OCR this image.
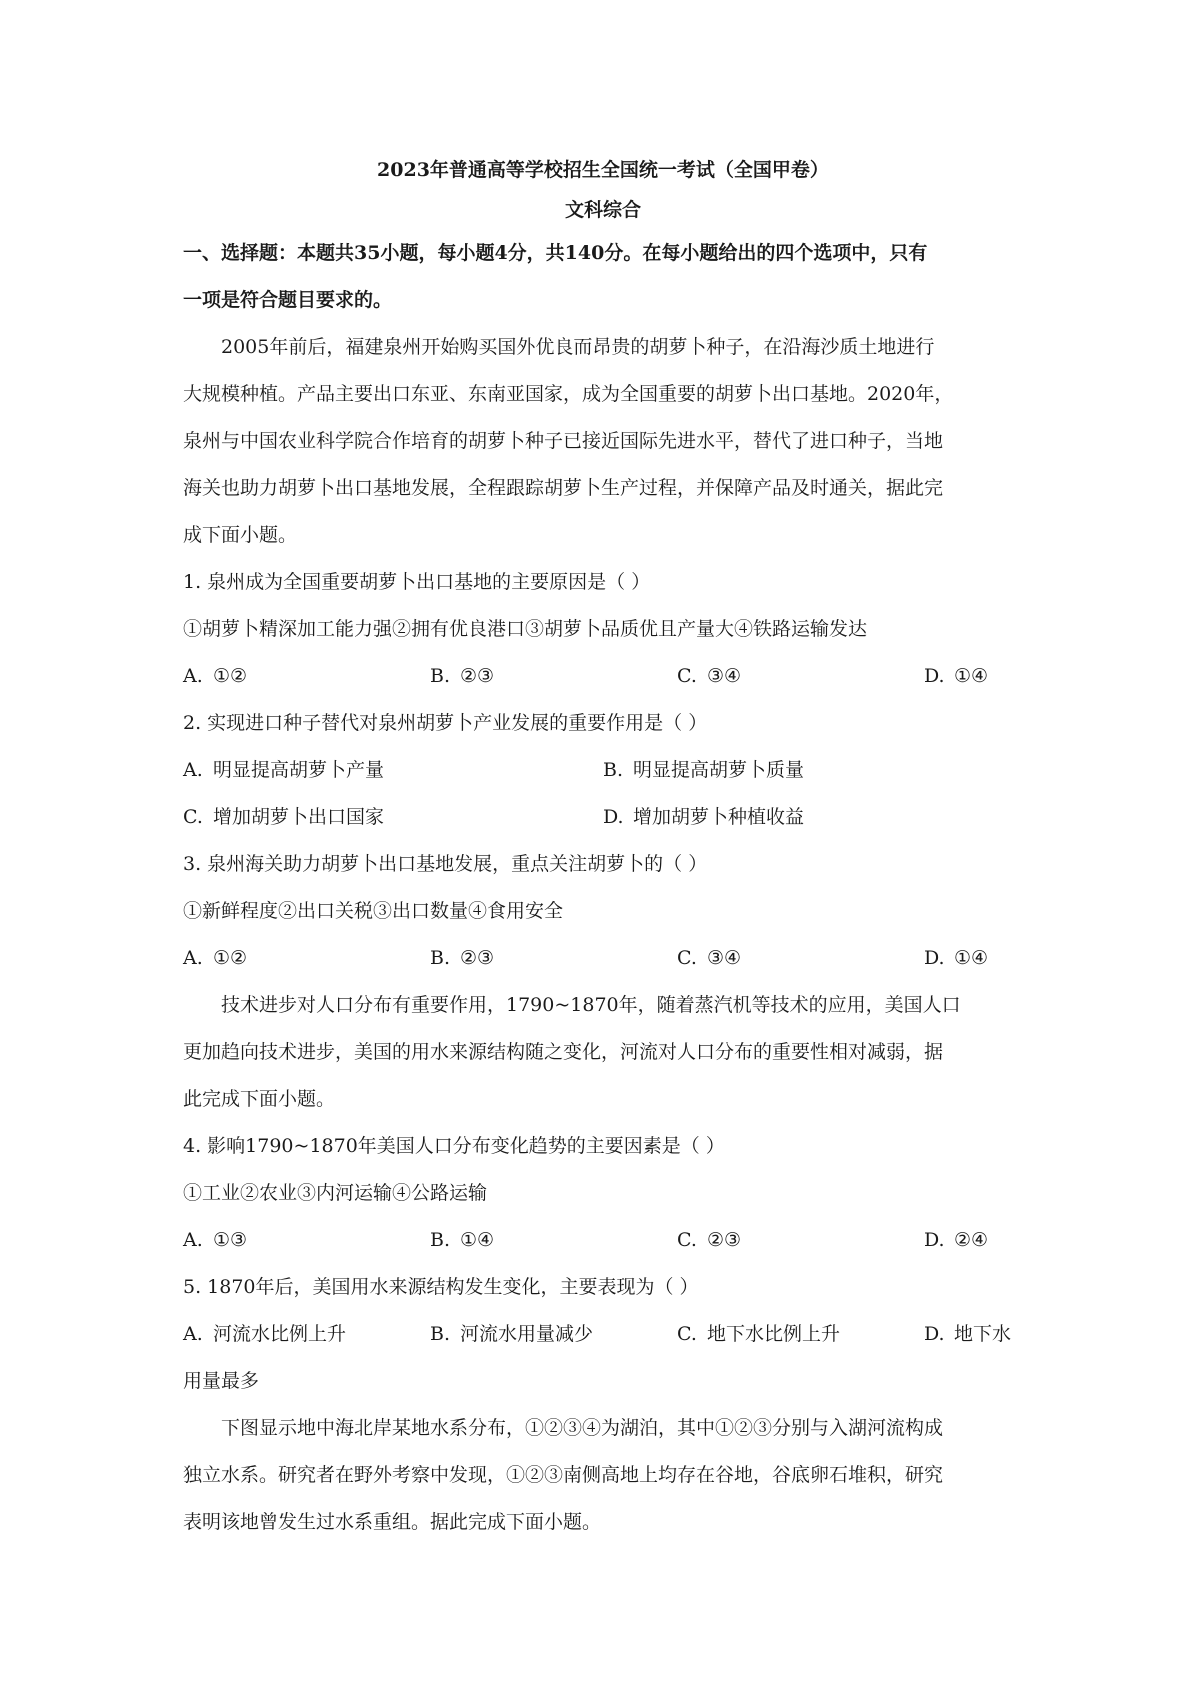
2023年普通高等学校招生全国统一考试（全国甲卷）

文科综合

一、选择题：本题共35小题，每小题4分，共140分。在每小题给出的四个选项中，只有

一项是符合题目要求的。

2005年前后，福建泉州开始购买国外优良而昂贵的胡萝卜种子，在沿海沙质土地进行

大规模种植。产品主要出口东亚、东南亚国家，成为全国重要的胡萝卜出口基地。2020年，

泉州与中国农业科学院合作培育的胡萝卜种子已接近国际先进水平，替代了进口种子，当地

海关也助力胡萝卜出口基地发展，全程跟踪胡萝卜生产过程，并保障产品及时通关，据此完

成下面小题。

1. 泉州成为全国重要胡萝卜出口基地的主要原因是（ ）

①胡萝卜精深加工能力强②拥有优良港口③胡萝卜品质优且产量大④铁路运输发达

A. ①②	B. ②③	C. ③④	D. ①④

2. 实现进口种子替代对泉州胡萝卜产业发展的重要作用是（ ）

A. 明显提高胡萝卜产量	B. 明显提高胡萝卜质量
C. 增加胡萝卜出口国家	D. 增加胡萝卜种植收益

3. 泉州海关助力胡萝卜出口基地发展，重点关注胡萝卜的（ ）

①新鲜程度②出口关税③出口数量④食用安全

A. ①②	B. ②③	C. ③④	D. ①④

技术进步对人口分布有重要作用，1790~1870年，随着蒸汽机等技术的应用，美国人口

更加趋向技术进步，美国的用水来源结构随之变化，河流对人口分布的重要性相对减弱，据

此完成下面小题。

4. 影响1790~1870年美国人口分布变化趋势的主要因素是（ ）

①工业②农业③内河运输④公路运输

A. ①③	B. ①④	C. ②③	D. ②④

5. 1870年后，美国用水来源结构发生变化，主要表现为（ ）

A. 河流水比例上升	B. 河流水用量减少	C. 地下水比例上升	D. 地下水

用量最多

下图显示地中海北岸某地水系分布，①②③④为湖泊，其中①②③分别与入湖河流构成

独立水系。研究者在野外考察中发现，①②③南侧高地上均存在谷地，谷底卵石堆积，研究

表明该地曾发生过水系重组。据此完成下面小题。
